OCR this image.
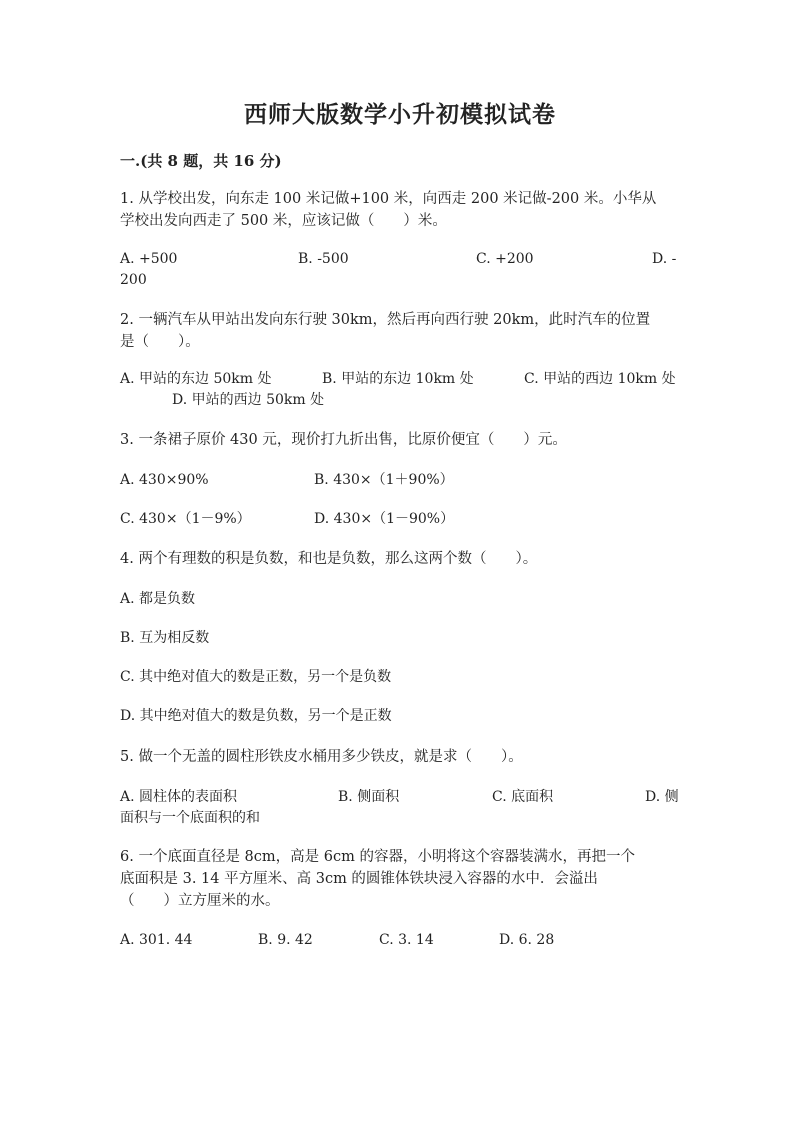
西师大版数学小升初模拟试卷
一.(共 8 题，共 16 分)
1. 从学校出发，向东走 100 米记做+100 米，向西走 200 米记做-200 米。小华从
学校出发向西走了 500 米，应该记做（　　）米。
A. +500	B. -500	C. +200	D. -
200
2. 一辆汽车从甲站出发向东行驶 30km，然后再向西行驶 20km，此时汽车的位置
是（　　）。
A. 甲站的东边 50km 处	B. 甲站的东边 10km 处	C. 甲站的西边 10km 处
D. 甲站的西边 50km 处
3. 一条裙子原价 430 元，现价打九折出售，比原价便宜（　　）元。
A. 430×90%	B. 430×（1＋90%）
C. 430×（1－9%）	D. 430×（1－90%）
4. 两个有理数的积是负数，和也是负数，那么这两个数（　　）。
A. 都是负数
B. 互为相反数
C. 其中绝对值大的数是正数，另一个是负数
D. 其中绝对值大的数是负数，另一个是正数
5. 做一个无盖的圆柱形铁皮水桶用多少铁皮，就是求（　　）。
A. 圆柱体的表面积	B. 侧面积	C. 底面积	D. 侧
面积与一个底面积的和
6. 一个底面直径是 8cm，高是 6cm 的容器，小明将这个容器装满水，再把一个
底面积是 3. 14 平方厘米、高 3cm 的圆锥体铁块浸入容器的水中．会溢出
（　　）立方厘米的水。
A. 301. 44	B. 9. 42	C. 3. 14	D. 6. 28
